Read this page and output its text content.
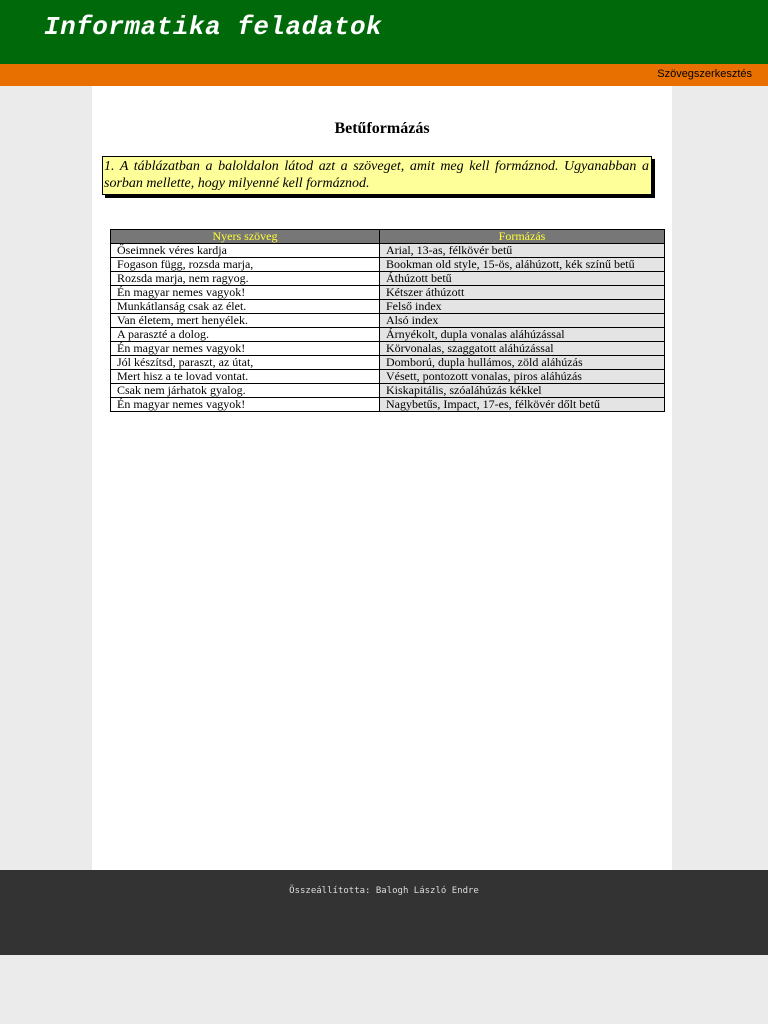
Informatika feladatok
Szövegszerkesztés
Betűformázás
1. A táblázatban a baloldalon látod azt a szöveget, amit meg kell formáznod. Ugyanabban a sorban mellette, hogy milyenné kell formáznod.
Nyers szöveg	Formázás
Őseimnek véres kardja	Arial, 13-as, félkövér betű
Fogason függ, rozsda marja,	Bookman old style, 15-ös, aláhúzott, kék színű betű
Rozsda marja, nem ragyog.	Áthúzott betű
Én magyar nemes vagyok!	Kétszer áthúzott
Munkátlanság csak az élet.	Felső index
Van életem, mert henyélek.	Alsó index
A paraszté a dolog.	Árnyékolt, dupla vonalas aláhúzással
Én magyar nemes vagyok!	Körvonalas, szaggatott aláhúzással
Jól készítsd, paraszt, az útat,	Domború, dupla hullámos, zöld aláhúzás
Mert hisz a te lovad vontat.	Vésett, pontozott vonalas, piros aláhúzás
Csak nem járhatok gyalog.	Kiskapitális, szóaláhúzás kékkel
Én magyar nemes vagyok!	Nagybetűs, Impact, 17-es, félkövér dőlt betű
Összeállította: Balogh László Endre
